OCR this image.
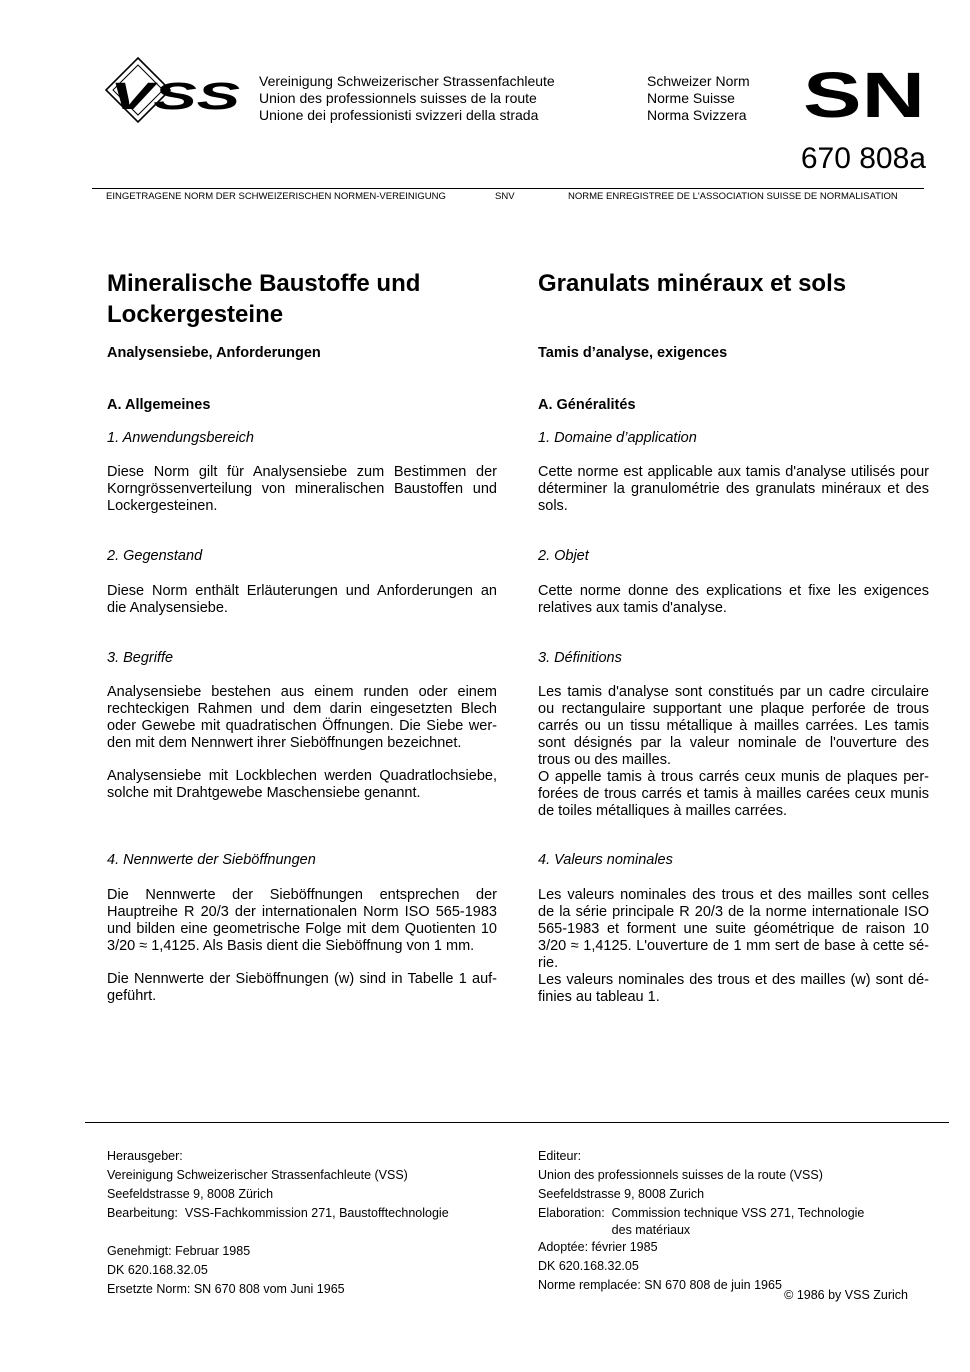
VSS Vereinigung Schweizerischer Strassenfachleute
Union des professionnels suisses de la route
Unione dei professionisti svizzeri della strada
Schweizer Norm
Norme Suisse
Norma Svizzera SN
670 808a
EINGETRAGENE NORM DER SCHWEIZERISCHEN NORMEN-VEREINIGUNG	SNV	NORME ENREGISTREE DE L'ASSOCIATION SUISSE DE NORMALISATION
Mineralische Baustoffe und Lockergesteine
Analysensiebe, Anforderungen
A. Allgemeines
1. Anwendungsbereich

Diese Norm gilt für Analysensiebe zum Bestimmen der Korngrössenverteilung von mineralischen Baustoffen und Lockergesteinen.

2. Gegenstand

Diese Norm enthält Erläuterungen und Anforderungen an die Analysensiebe.

3. Begriffe

Analysensiebe bestehen aus einem runden oder einem rechteckigen Rahmen und dem darin eingesetzten Blech oder Gewebe mit quadratischen Öffnungen. Die Siebe werden mit dem Nennwert ihrer Sieböffnungen bezeichnet.

Analysensiebe mit Lockblechen werden Quadratlochsiebe, solche mit Drahtgewebe Maschensiebe genannt.

4. Nennwerte der Sieböffnungen

Die Nennwerte der Sieböffnungen entsprechen der Hauptreihe R 20/3 der internationalen Norm ISO 565-1983 und bilden eine geometrische Folge mit dem Quotienten 10 3/20 ≈ 1,4125. Als Basis dient die Sieböffnung von 1 mm.

Die Nennwerte der Sieböffnungen (w) sind in Tabelle 1 aufgeführt.

Granulats minéraux et sols
Tamis d’analyse, exigences
A. Généralités
1. Domaine d’application

Cette norme est applicable aux tamis d'analyse utilisés pour déterminer la granulométrie des granulats minéraux et des sols.

2. Objet

Cette norme donne des explications et fixe les exigences relatives aux tamis d'analyse.

3. Définitions

Les tamis d'analyse sont constitués par un cadre circulaire ou rectangulaire supportant une plaque perforée de trous carrés ou un tissu métallique à mailles carrées. Les tamis sont désignés par la valeur nominale de l'ouverture des trous ou des mailles.

O appelle tamis à trous carrés ceux munis de plaques perforées de trous carrés et tamis à mailles carées ceux munis de toiles métalliques à mailles carrées.

4. Valeurs nominales

Les valeurs nominales des trous et des mailles sont celles de la série principale R 20/3 de la norme internationale ISO 565-1983 et forment une suite géométrique de raison 10 3/20 ≈ 1,4125. L'ouverture de 1 mm sert de base à cette série.

Les valeurs nominales des trous et des mailles (w) sont définies au tableau 1.

Herausgeber:
Vereinigung Schweizerischer Strassenfachleute (VSS)
Seefeldstrasse 9, 8008 Zürich
Bearbeitung: VSS-Fachkommission 271, Baustofftechnologie
Genehmigt: Februar 1985
DK 620.168.32.05
Ersetzte Norm: SN 670 808 vom Juni 1965
Editeur:
Union des professionnels suisses de la route (VSS)
Seefeldstrasse 9, 8008 Zurich
Elaboration: Commission technique VSS 271, Technologie
des matériaux
Adoptée: février 1985
DK 620.168.32.05
Norme remplacée: SN 670 808 de juin 1965
© 1986 by VSS Zurich
